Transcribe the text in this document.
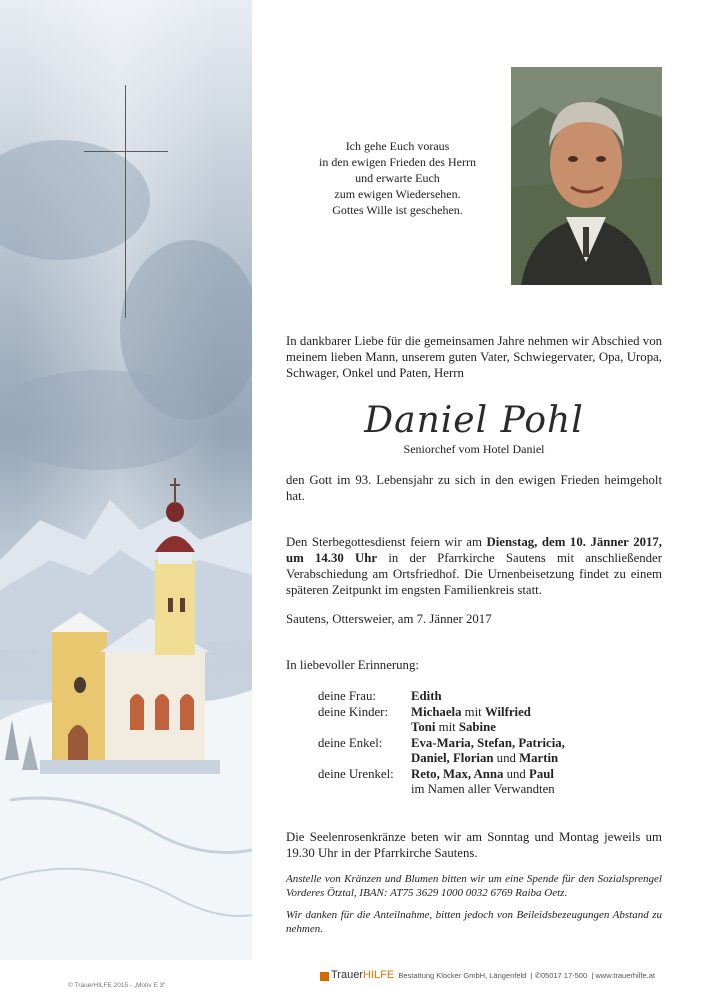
Ich gehe Euch voraus
in den ewigen Frieden des Herrn
und erwarte Euch
zum ewigen Wiedersehen.
Gottes Wille ist geschehen.
In dankbarer Liebe für die gemeinsamen Jahre nehmen wir Abschied von meinem lieben Mann, unserem guten Vater, Schwiegervater, Opa, Uropa, Schwager, Onkel und Paten, Herrn
Daniel Pohl
Seniorchef vom Hotel Daniel
den Gott im 93. Lebensjahr zu sich in den ewigen Frieden heimgeholt hat.
Den Sterbegottesdienst feiern wir am Dienstag, dem 10. Jänner 2017, um 14.30 Uhr in der Pfarrkirche Sautens mit anschließender Verabschiedung am Ortsfriedhof. Die Urnenbeisetzung findet zu einem späteren Zeitpunkt im engsten Familienkreis statt.
Sautens, Ottersweier, am 7. Jänner 2017
In liebevoller Erinnerung:
deine Frau:	Edith
deine Kinder:	Michaela mit Wilfried
Toni mit Sabine
deine Enkel:	Eva-Maria, Stefan, Patricia,
Daniel, Florian und Martin
deine Urenkel:	Reto, Max, Anna und Paul
im Namen aller Verwandten
Die Seelenrosenkränze beten wir am Sonntag und Montag jeweils um 19.30 Uhr in der Pfarrkirche Sautens.
Anstelle von Kränzen und Blumen bitten wir um eine Spende für den Sozialsprengel Vorderes Ötztal, IBAN: AT75 3629 1000 0032 6769 Raiba Oetz.
Wir danken für die Anteilnahme, bitten jedoch von Beileidsbezeugungen Abstand zu nehmen.
TrauerHILFE Bestattung Klocker GmbH, Längenfeld  | ✆05017 17-500  | www.trauerhilfe.at
© TrauerHILFE 2015 - „Motiv E 3“
